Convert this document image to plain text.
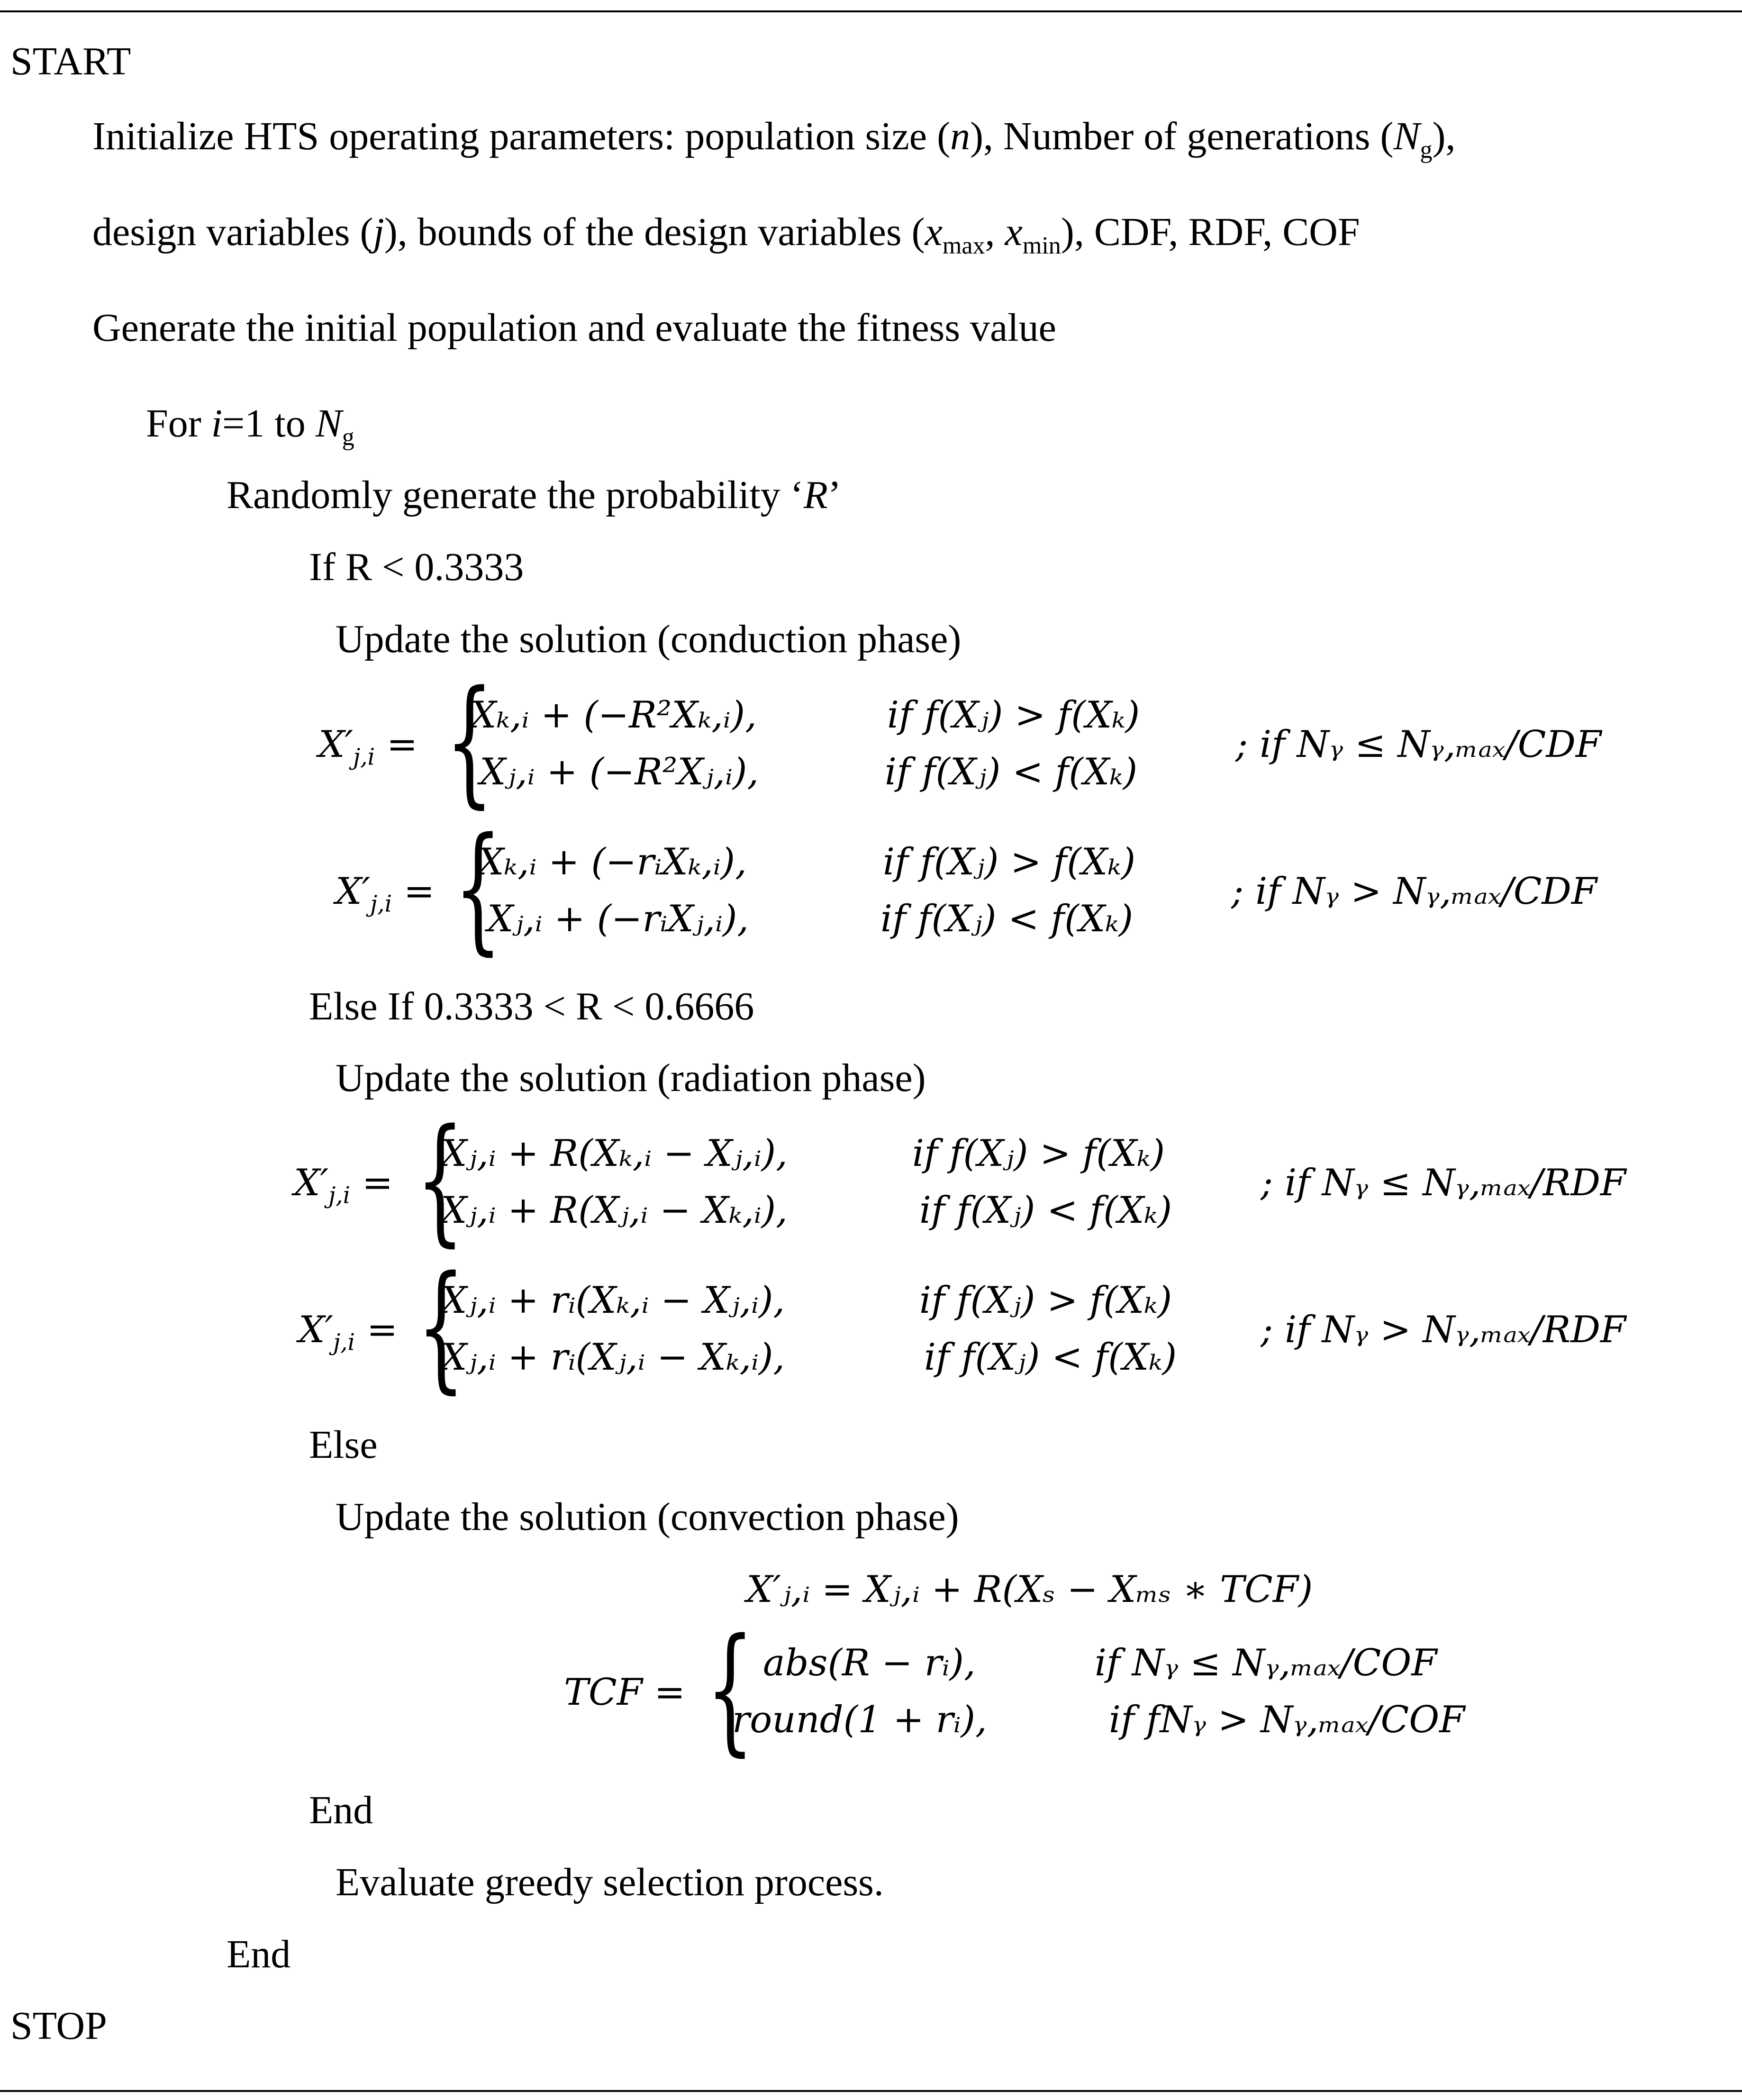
START
Initialize HTS operating parameters: population size (n), Number of generations $(N_g)$,
design variables (j), bounds of the design variables ($x_{max}$, $x_{min}$), CDF, RDF, COF
Generate the initial population and evaluate the fitness value
For i=1 to $N_g$
Randomly generate the probability ‘R’
If R < 0.3333
Update the solution (conduction phase)
$X'_{j,i}$ = {
Xₖ,ᵢ + (−R²Xₖ,ᵢ),
Xⱼ,ᵢ + (−R²Xⱼ,ᵢ),
if f(Xⱼ) > f(Xₖ)
if f(Xⱼ) < f(Xₖ)
; if Nᵧ ≤ Nᵧ,ₘₐₓ/CDF
$X'_{j,i}$ = {
Xₖ,ᵢ + (−rᵢXₖ,ᵢ),
Xⱼ,ᵢ + (−rᵢXⱼ,ᵢ),
if f(Xⱼ) > f(Xₖ)
if f(Xⱼ) < f(Xₖ)
; if Nᵧ > Nᵧ,ₘₐₓ/CDF
Else If 0.3333 < R < 0.6666
Update the solution (radiation phase)
$X'_{j,i}$ = {
Xⱼ,ᵢ + R(Xₖ,ᵢ − Xⱼ,ᵢ),
Xⱼ,ᵢ + R(Xⱼ,ᵢ − Xₖ,ᵢ),
if f(Xⱼ) > f(Xₖ)
if f(Xⱼ) < f(Xₖ)
; if Nᵧ ≤ Nᵧ,ₘₐₓ/RDF
$X'_{j,i}$ = {
Xⱼ,ᵢ + rᵢ(Xₖ,ᵢ − Xⱼ,ᵢ),
Xⱼ,ᵢ + rᵢ(Xⱼ,ᵢ − Xₖ,ᵢ),
if f(Xⱼ) > f(Xₖ)
if f(Xⱼ) < f(Xₖ)
; if Nᵧ > Nᵧ,ₘₐₓ/RDF
Else
Update the solution (convection phase)
X′ⱼ,ᵢ = Xⱼ,ᵢ + R(Xₛ − Xₘₛ ∗ TCF)
TCF = { abs(R − rᵢ),
round(1 + rᵢ),
if Nᵧ ≤ Nᵧ,ₘₐₓ/COF
if fNᵧ > Nᵧ,ₘₐₓ/COF
End
Evaluate greedy selection process.
End
STOP
